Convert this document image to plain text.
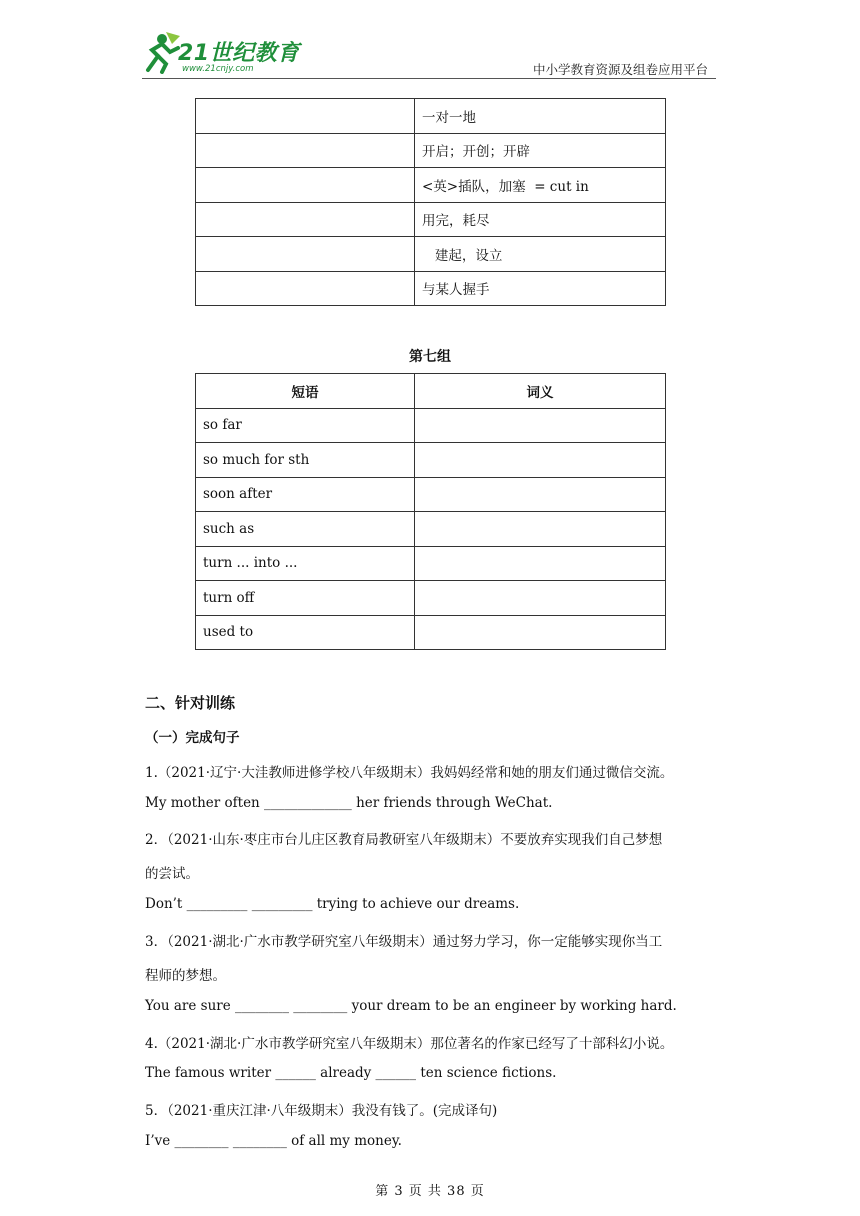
21世纪教育
www.21cnjy.com	中小学教育资源及组卷应用平台
	一对一地
	开启；开创；开辟
	<英>插队，加塞  = cut in
	用完，耗尽
	建起，设立
	与某人握手
第七组
短语	词义
so far	
so much for sth	
soon after	
such as	
turn ... into ...	
turn off	
used to	
二、针对训练
（一）完成句子
1.（2021·辽宁·大洼教师进修学校八年级期末）我妈妈经常和她的朋友们通过微信交流。
My mother often _____________ her friends through WeChat.
2．（2021·山东·枣庄市台儿庄区教育局教研室八年级期末）不要放弃实现我们自己梦想
的尝试。
Don’t _________ _________ trying to achieve our dreams.
3．（2021·湖北·广水市教学研究室八年级期末）通过努力学习，你一定能够实现你当工
程师的梦想。
You are sure ________ ________ your dream to be an engineer by working hard.
4.（2021·湖北·广水市教学研究室八年级期末）那位著名的作家已经写了十部科幻小说。
The famous writer ______ already ______ ten science fictions.
5．（2021·重庆江津·八年级期末）我没有钱了。(完成译句)
I’ve ________ ________ of all my money.
第 3 页 共 38 页
